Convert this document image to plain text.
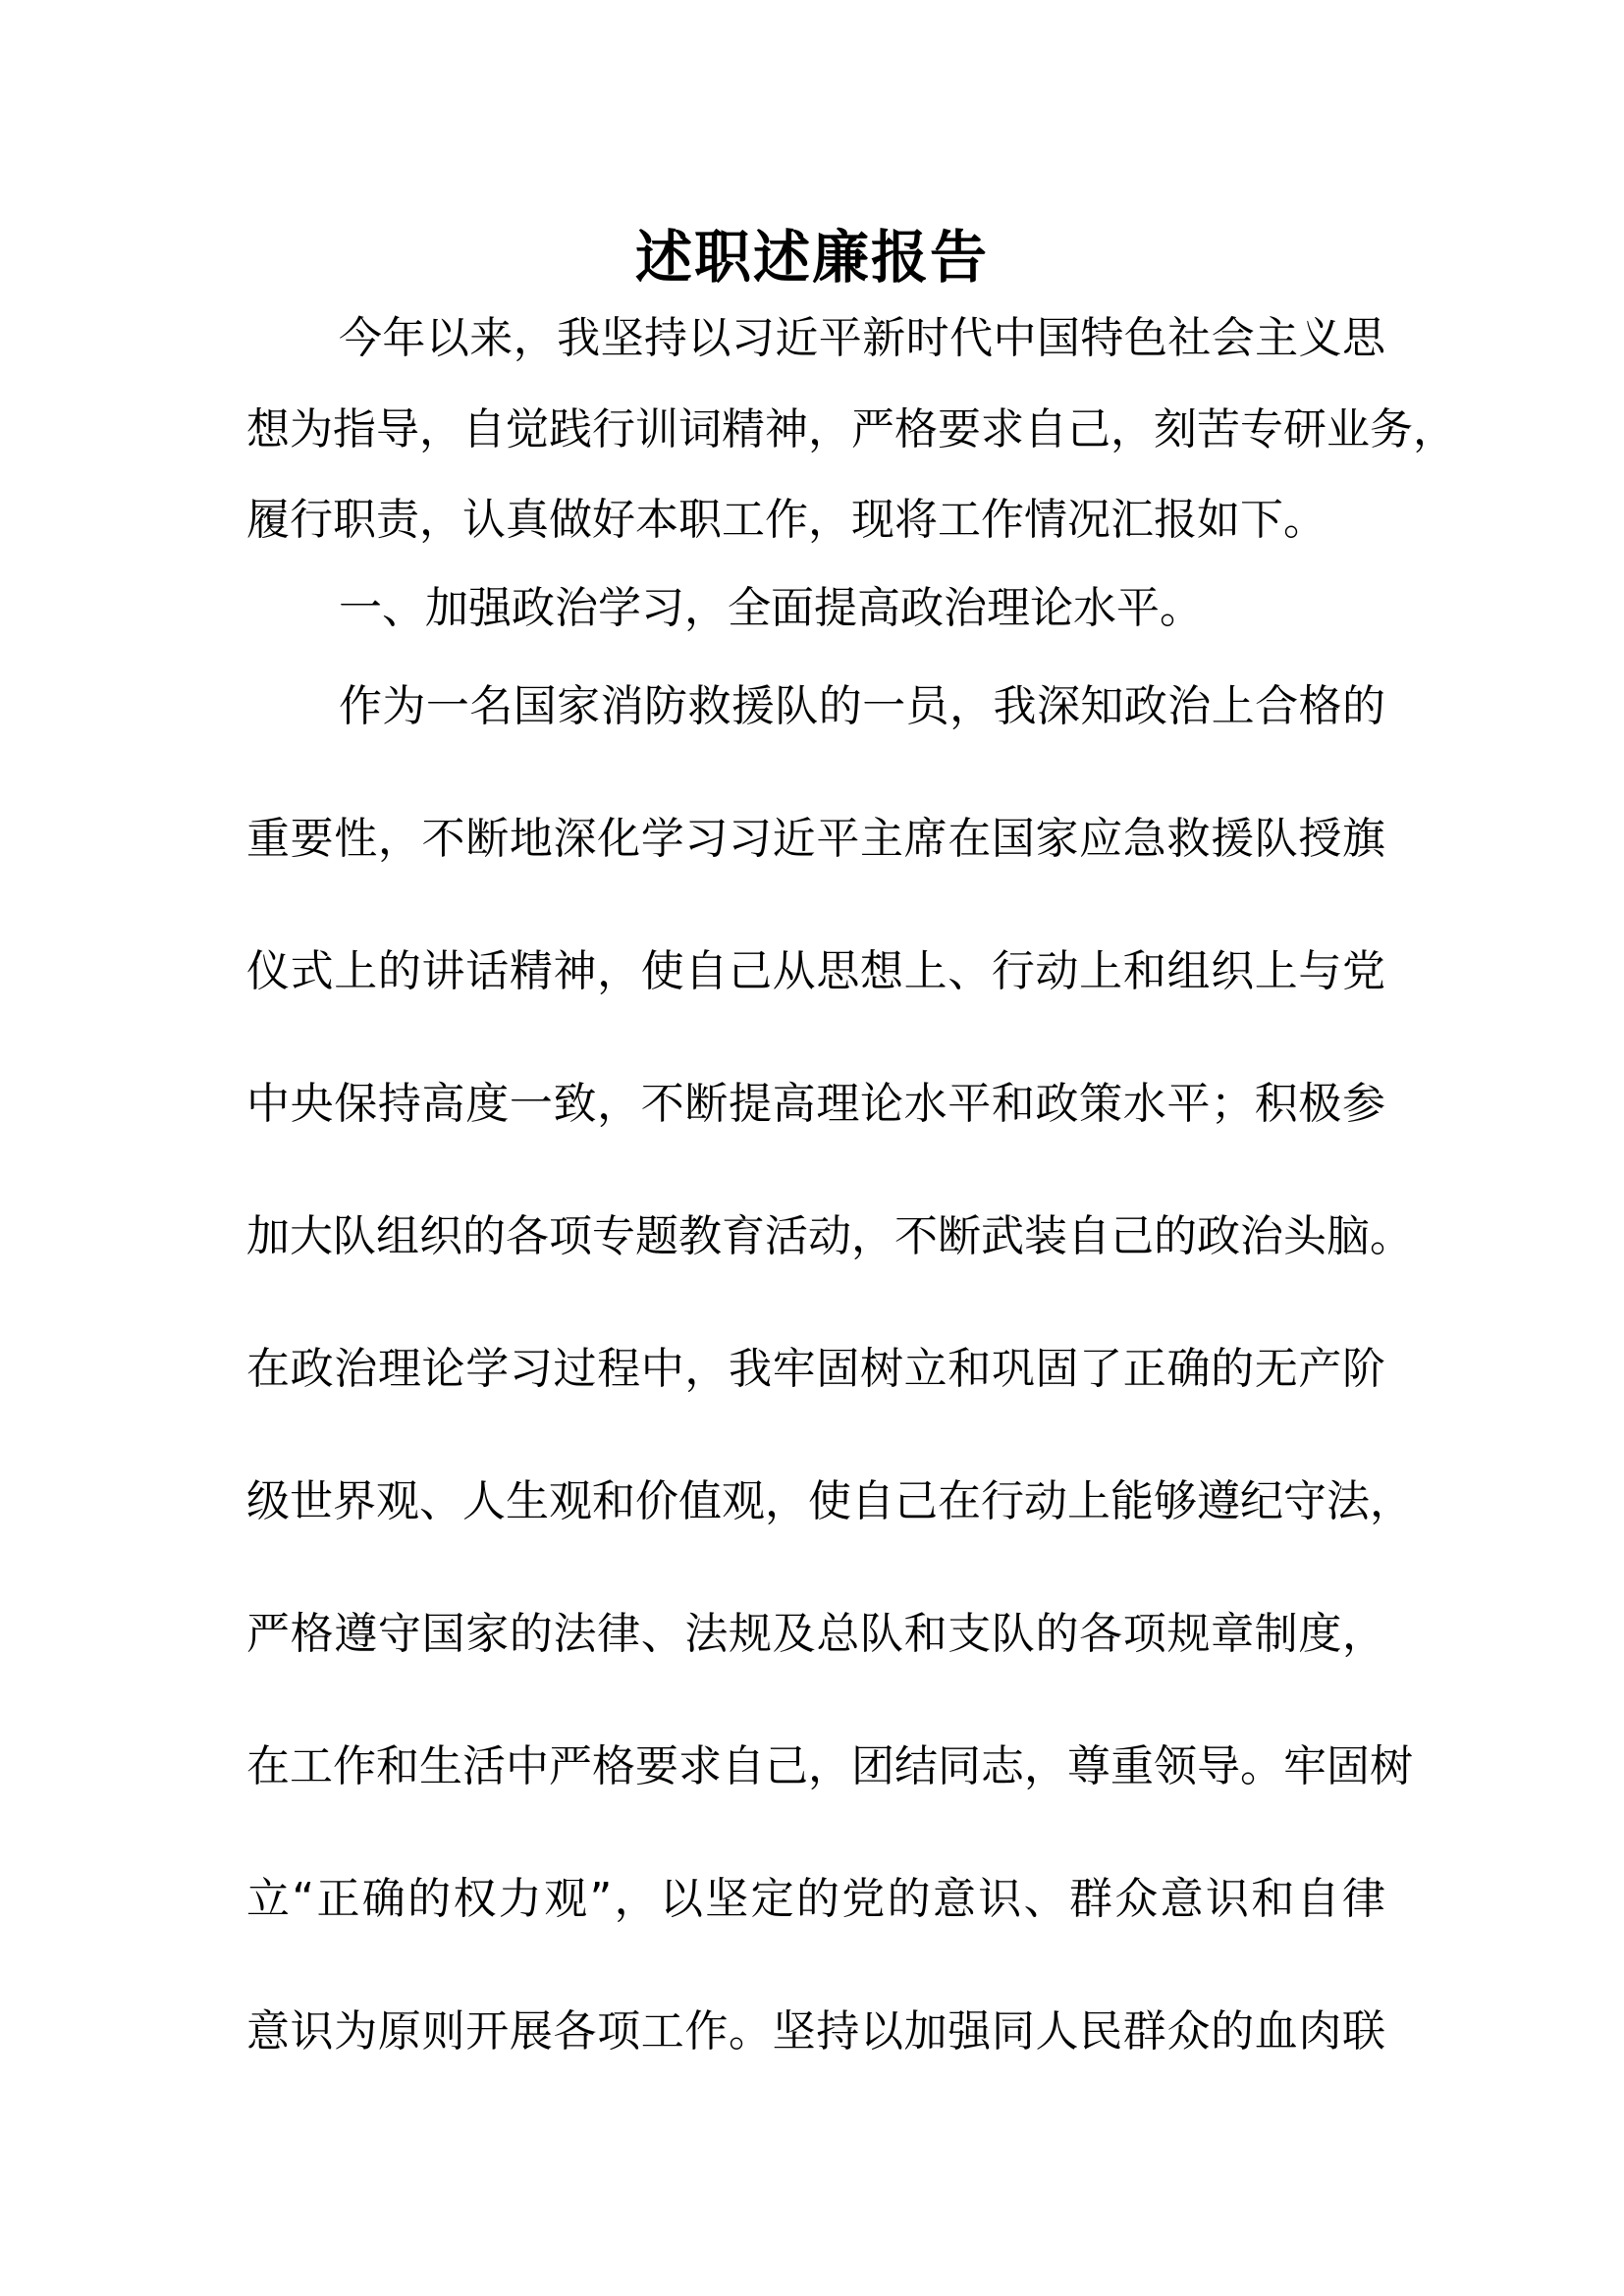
述职述廉报告
今年以来，我坚持以习近平新时代中国特色社会主义思
想为指导，自觉践行训词精神，严格要求自己，刻苦专研业务，
履行职责，认真做好本职工作，现将工作情况汇报如下。
一、加强政治学习，全面提高政治理论水平。
作为一名国家消防救援队的一员，我深知政治上合格的
重要性，不断地深化学习习近平主席在国家应急救援队授旗
仪式上的讲话精神，使自己从思想上、行动上和组织上与党
中央保持高度一致，不断提高理论水平和政策水平；积极参
加大队组织的各项专题教育活动，不断武装自己的政治头脑。
在政治理论学习过程中，我牢固树立和巩固了正确的无产阶
级世界观、人生观和价值观，使自己在行动上能够遵纪守法，
严格遵守国家的法律、法规及总队和支队的各项规章制度，
在工作和生活中严格要求自己，团结同志，尊重领导。牢固树
立“正确的权力观”，以坚定的党的意识、群众意识和自律
意识为原则开展各项工作。坚持以加强同人民群众的血肉联
